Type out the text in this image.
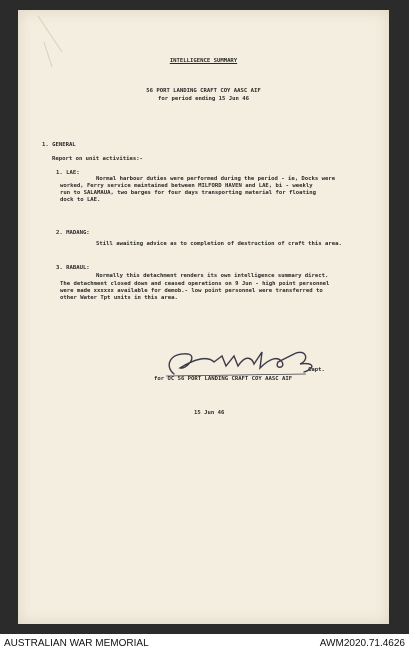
INTELLIGENCE SUMMARY
56 PORT LANDING CRAFT COY AASC AIF
for period ending 15 Jun 46
1. GENERAL
Report on unit activities:-
1. LAE:
Normal harbour duties were performed during the period - ie, Docks were
worked, Ferry service maintained between MILFORD HAVEN and LAE, bi - weekly
run to SALAMAUA, two barges for four days transporting material for floating
dock to LAE.
2. MADANG:
Still awaiting advice as to completion of destruction of craft this area.
3. RABAUL:
Normally this detachment renders its own intelligence summary direct.
The detachment closed down and ceased operations on 9 Jun - high point personnel
were made xxxxxx available for demob.- low point personnel were transferred to
other Water Tpt units in this area.
Capt.
for OC 56 PORT LANDING CRAFT COY AASC AIF
15 Jun 46
AUSTRALIAN WAR MEMORIAL	AWM2020.71.4626
